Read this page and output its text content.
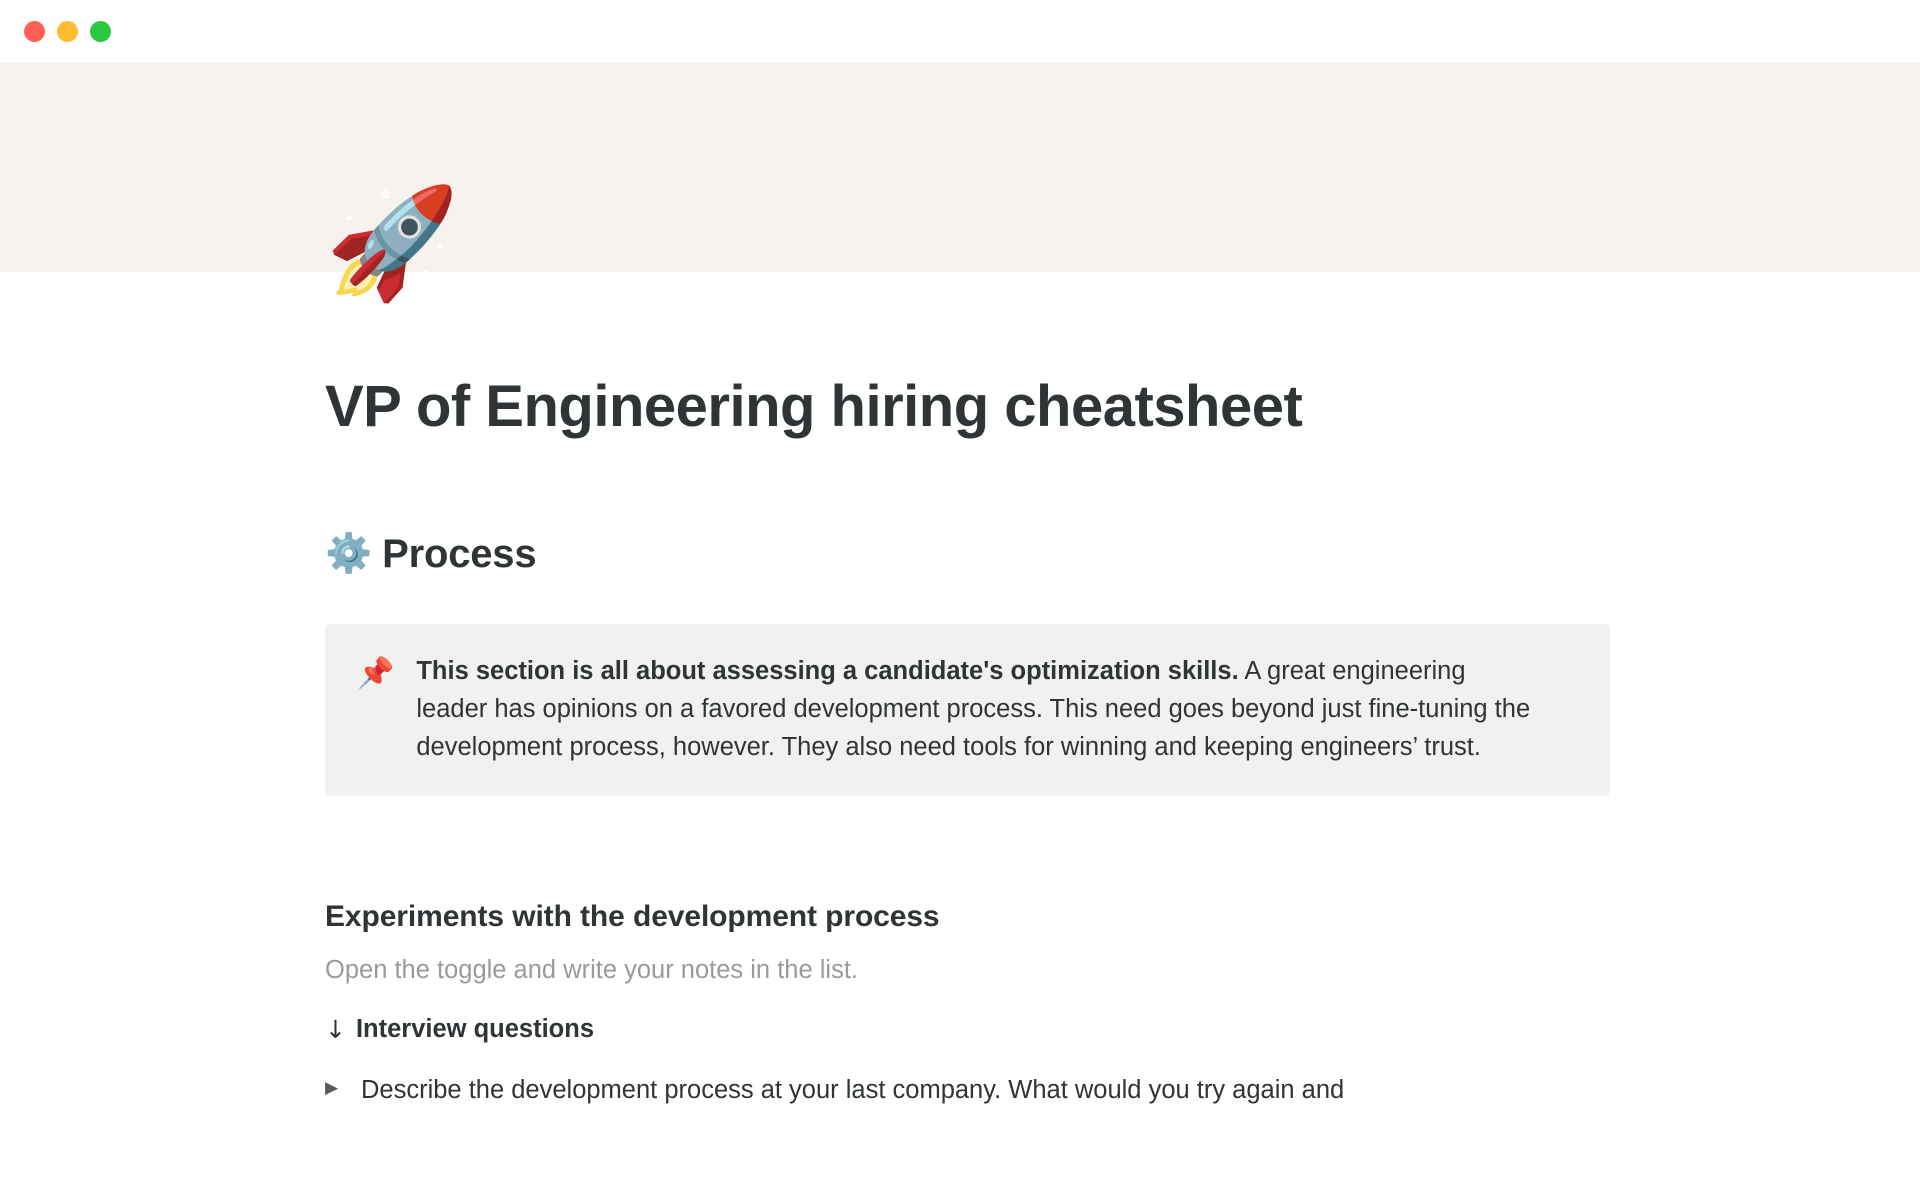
🚀
VP of Engineering hiring cheatsheet
⚙️ Process
📌 This section is all about assessing a candidate's optimization skills. A great engineering leader has opinions on a favored development process. This need goes beyond just fine-tuning the development process, however. They also need tools for winning and keeping engineers’ trust.
Experiments with the development process
Open the toggle and write your notes in the list.
↓ Interview questions
▶ Describe the development process at your last company. What would you try again and
